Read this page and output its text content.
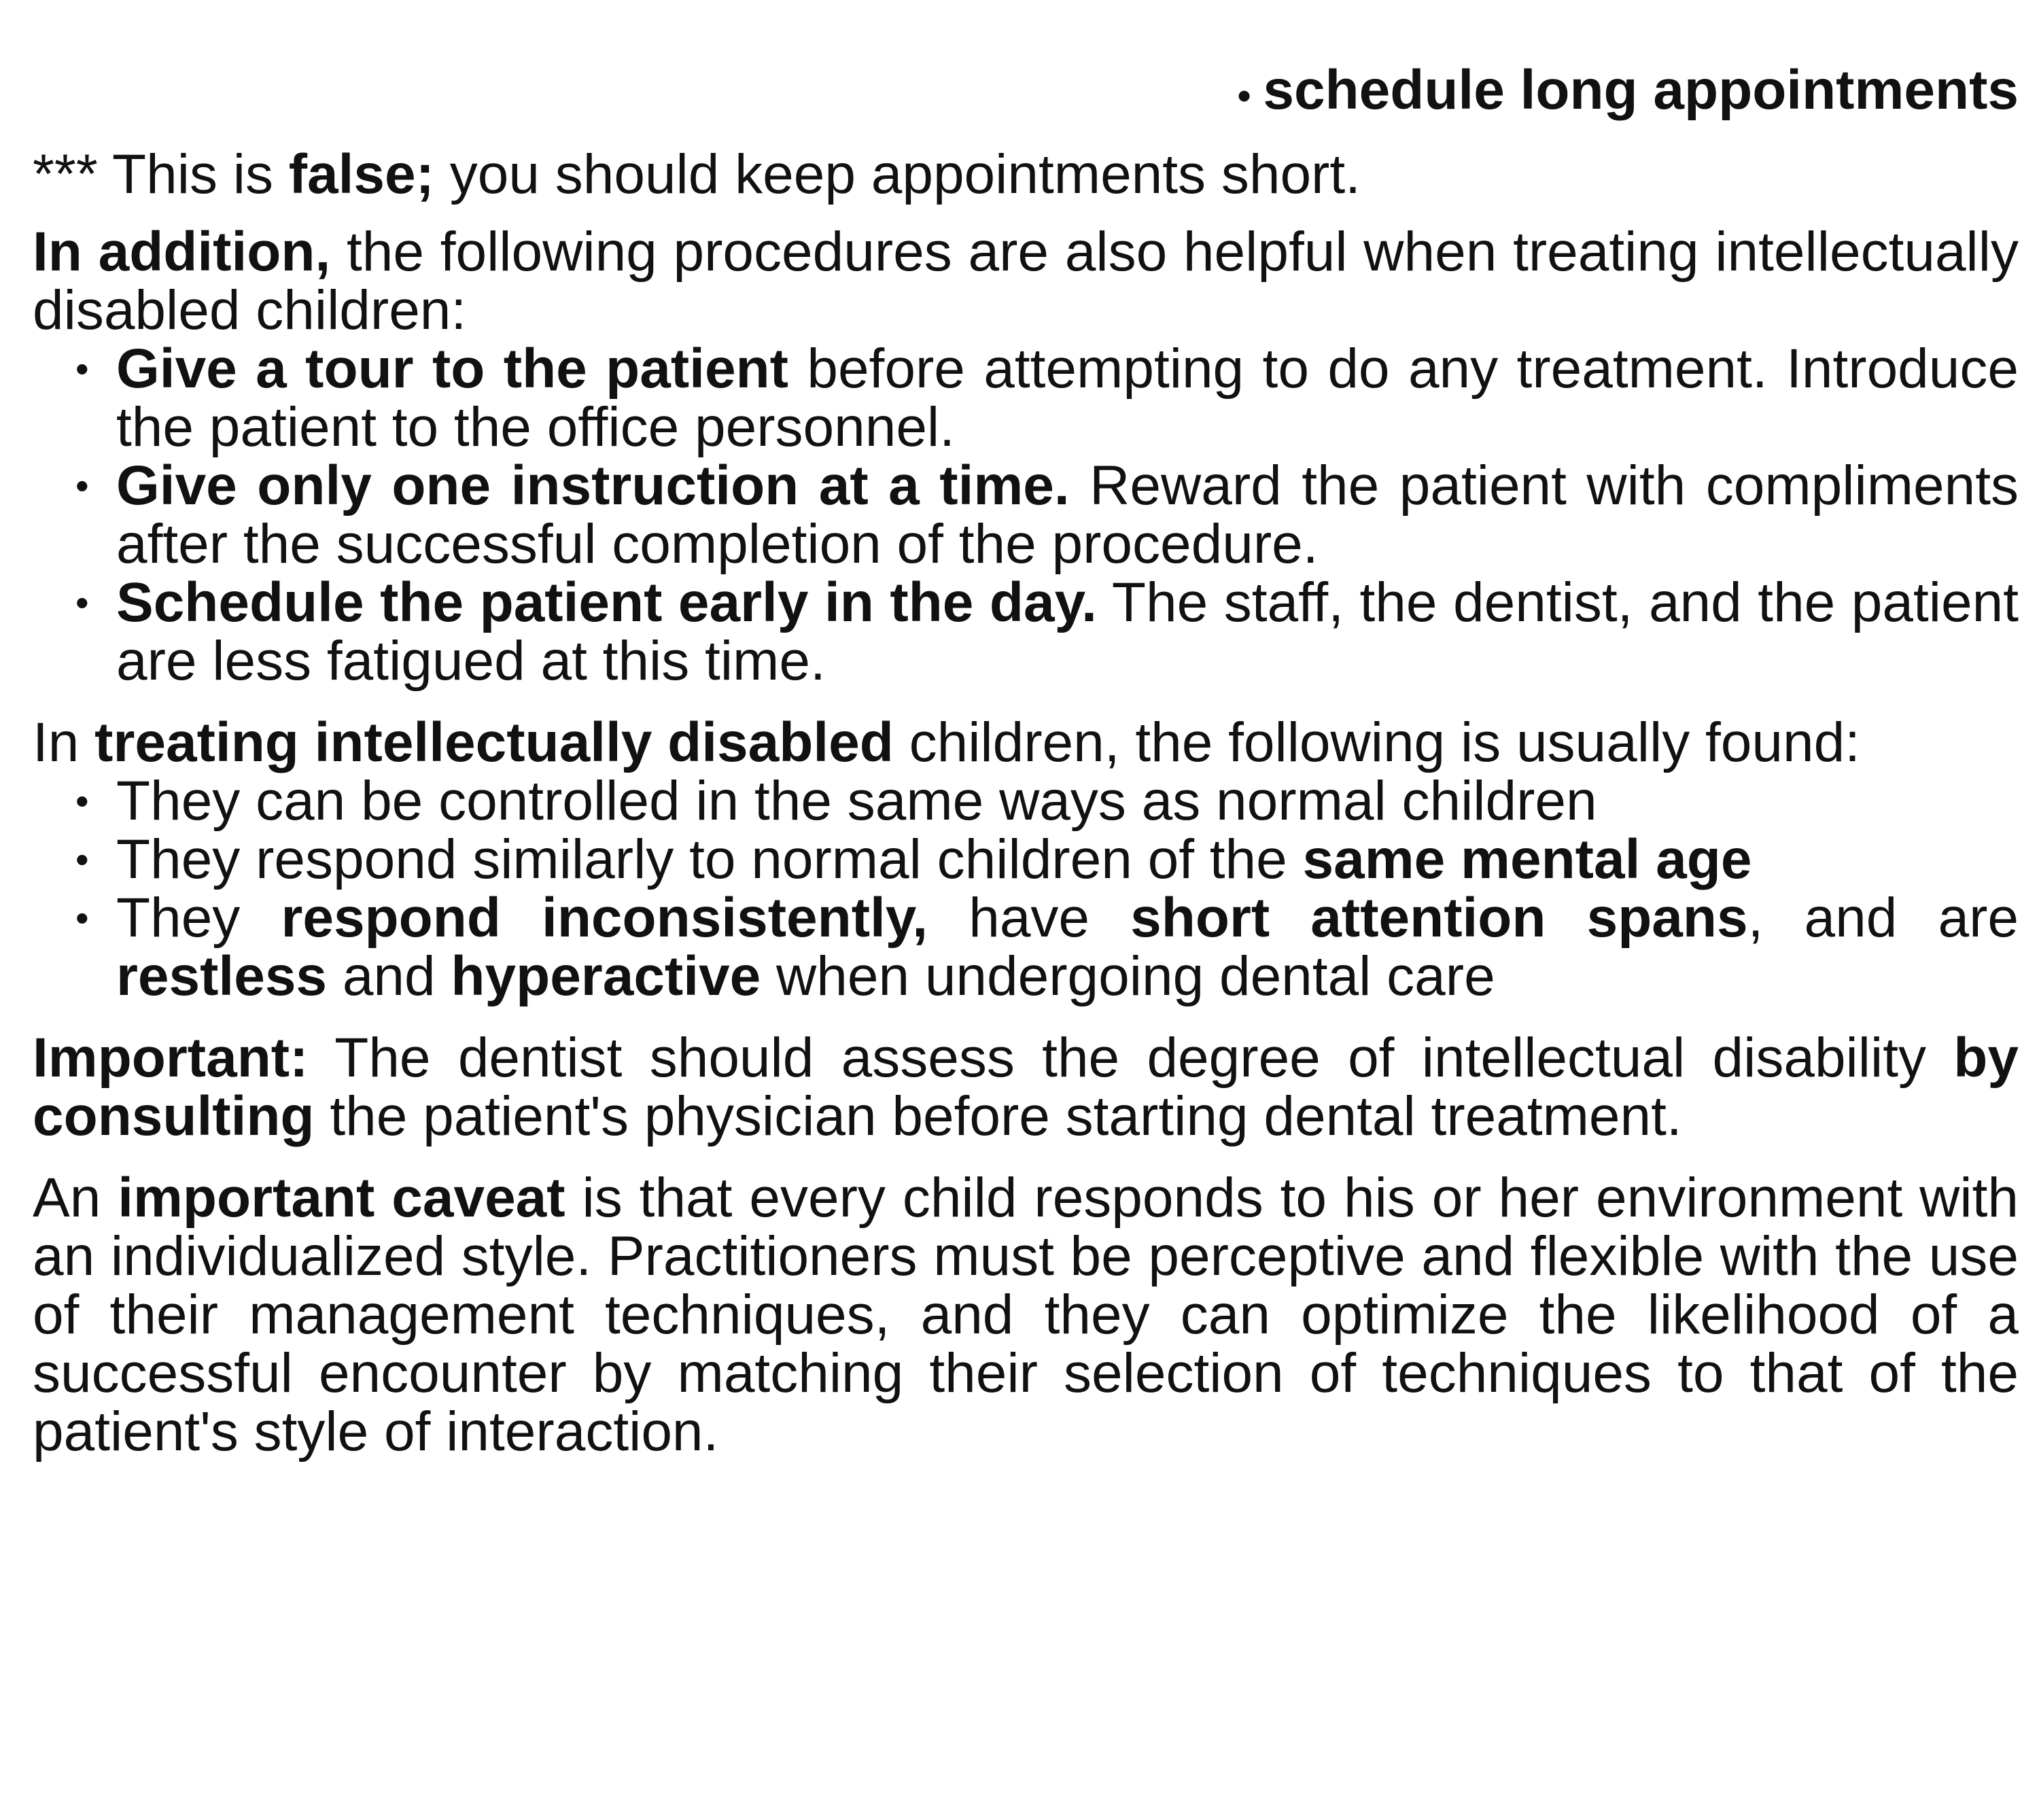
• schedule long appointments

*** This is false; you should keep appointments short.

In addition, the following procedures are also helpful when treating intellectually disabled children:

• Give a tour to the patient before attempting to do any treatment. Introduce the patient to the office personnel.
• Give only one instruction at a time. Reward the patient with compliments after the successful completion of the procedure.
• Schedule the patient early in the day. The staff, the dentist, and the patient are less fatigued at this time.

In treating intellectually disabled children, the following is usually found:

• They can be controlled in the same ways as normal children
• They respond similarly to normal children of the same mental age
• They respond inconsistently, have short attention spans, and are restless and hyperactive when undergoing dental care

Important: The dentist should assess the degree of intellectual disability by consulting the patient's physician before starting dental treatment.

An important caveat is that every child responds to his or her environment with an individualized style. Practitioners must be perceptive and flexible with the use of their management techniques, and they can optimize the likelihood of a successful encounter by matching their selection of techniques to that of the patient's style of interaction.
